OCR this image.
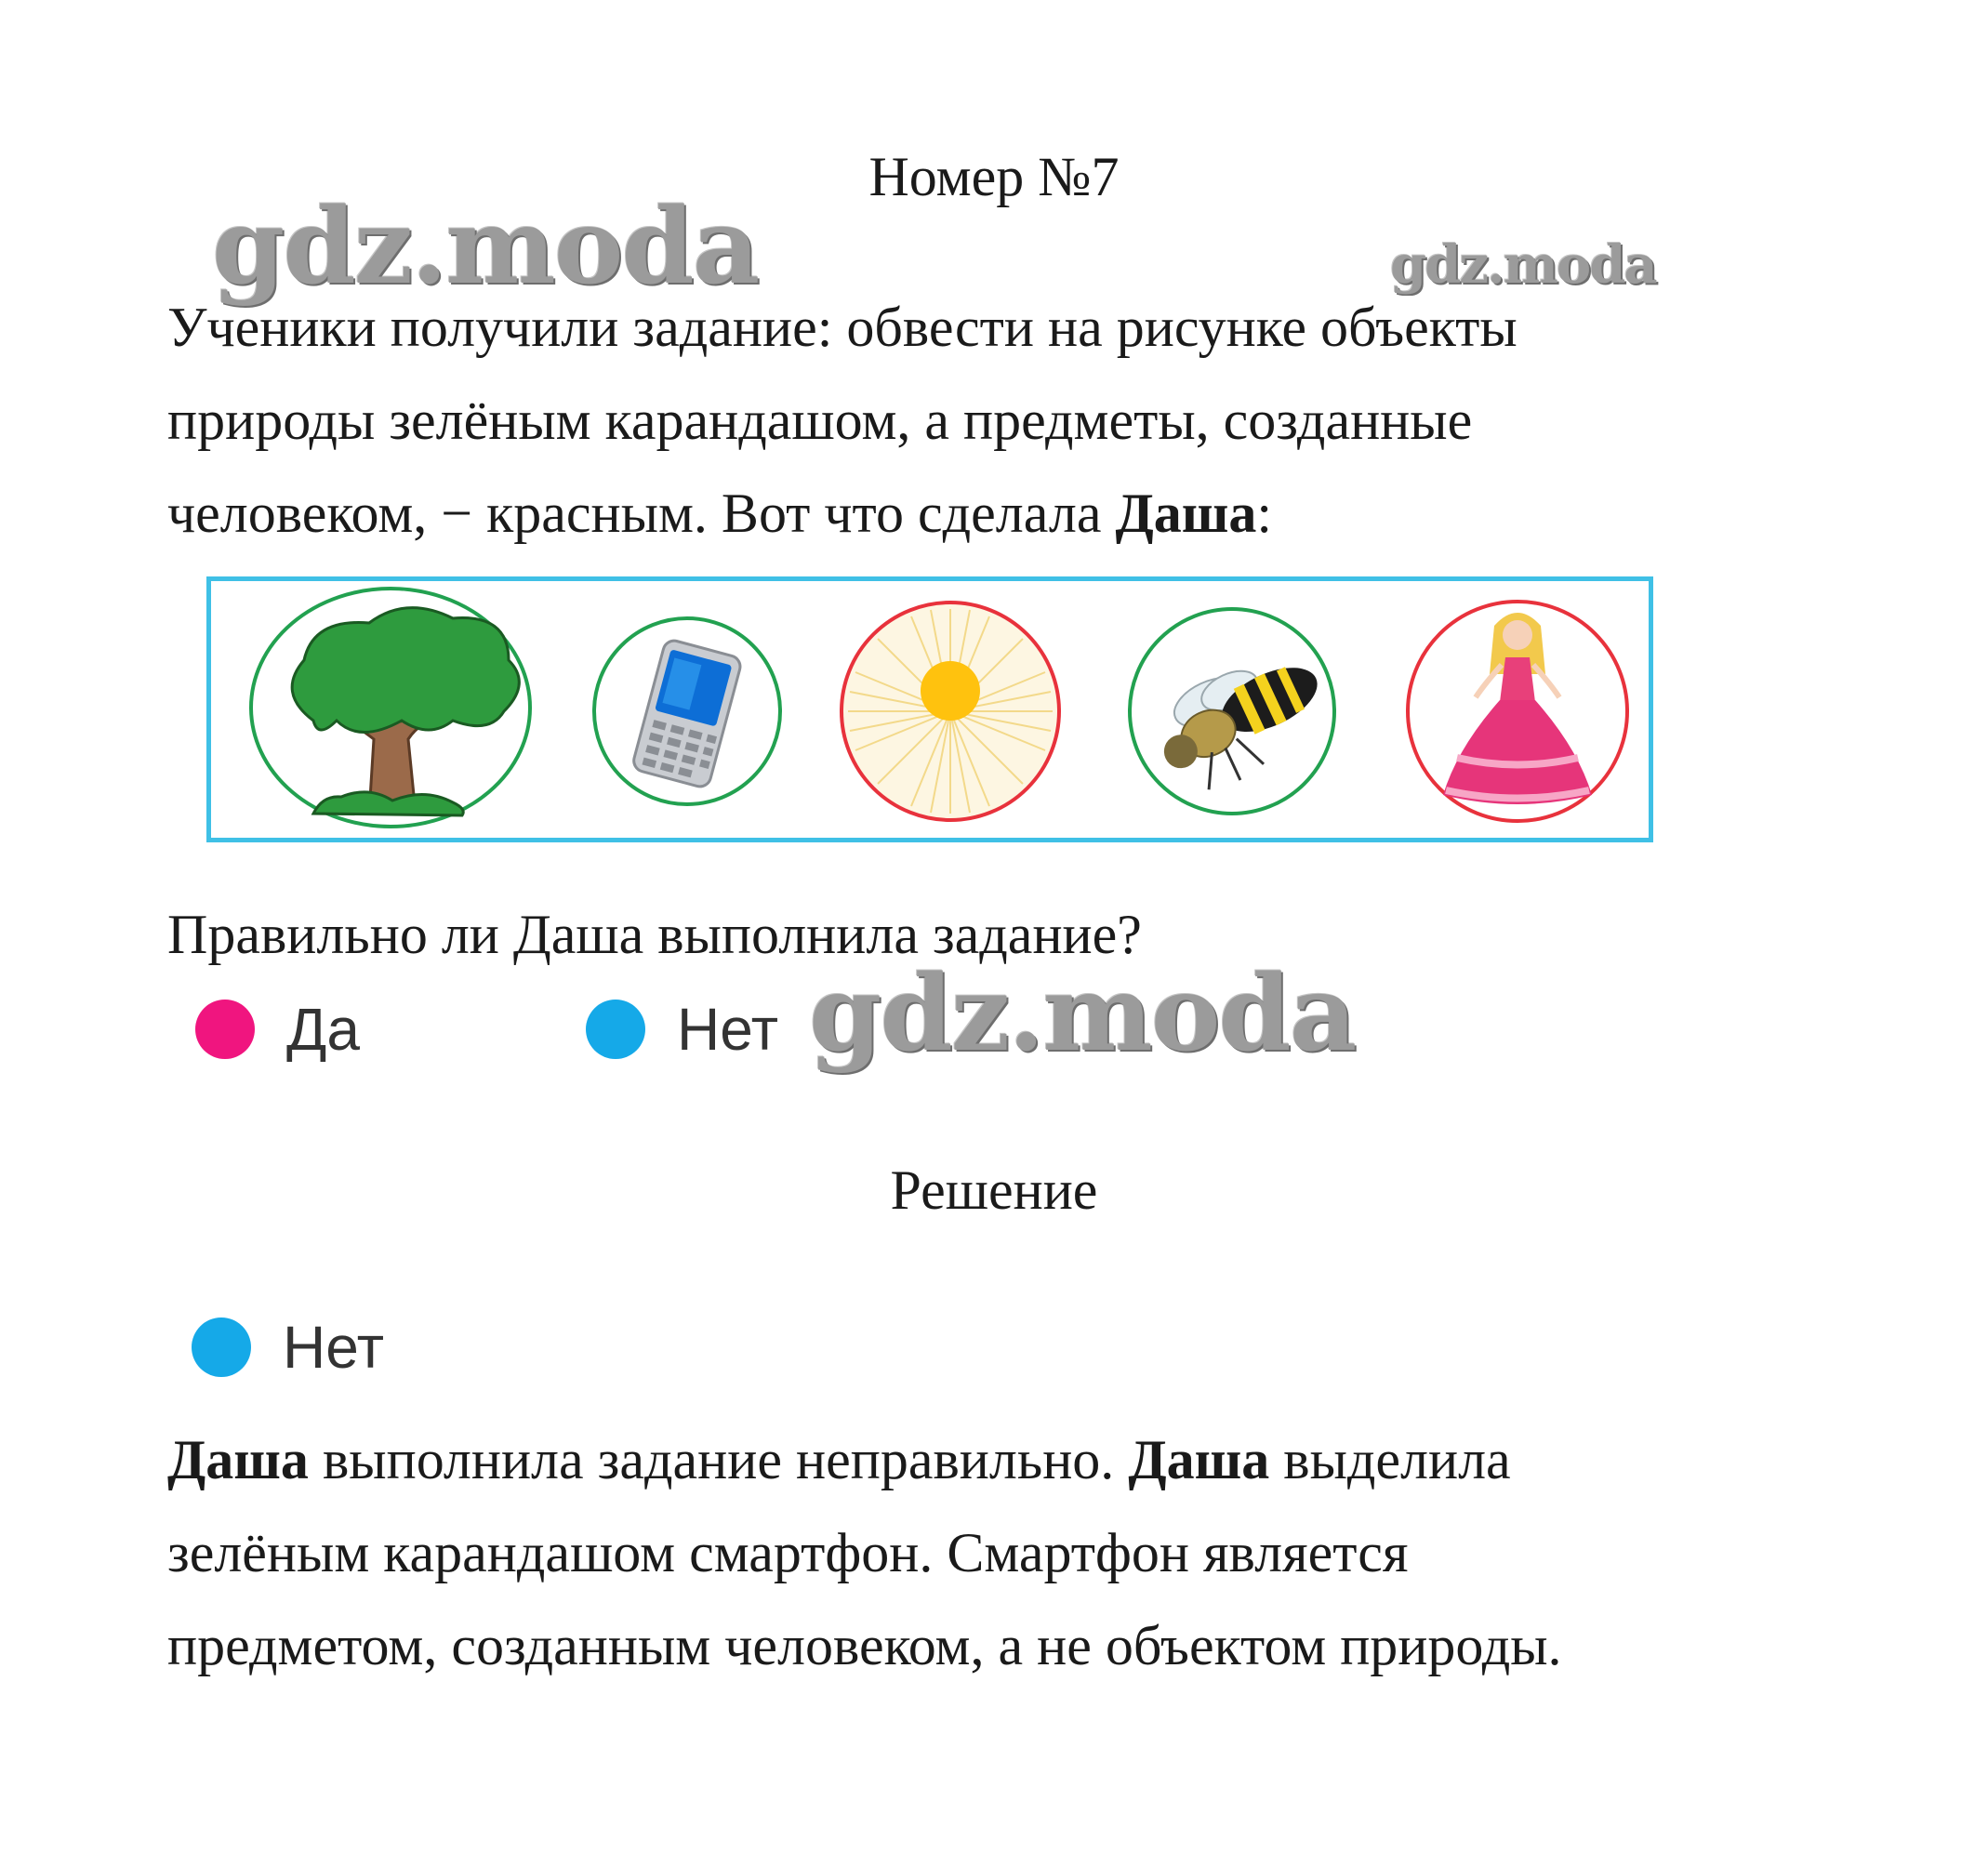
Номер №7
gdz.moda	gdz.moda

Ученики получили задание: обвести на рисунке объекты
природы зелёным карандашом, а предметы, созданные
человеком, − красным. Вот что сделала Даша:

Правильно ли Даша выполнила задание?

Да	Нет gdz.moda
Решение
Нет

Даша выполнила задание неправильно. Даша выделила
зелёным карандашом смартфон. Смартфон является
предметом, созданным человеком, а не объектом природы.
